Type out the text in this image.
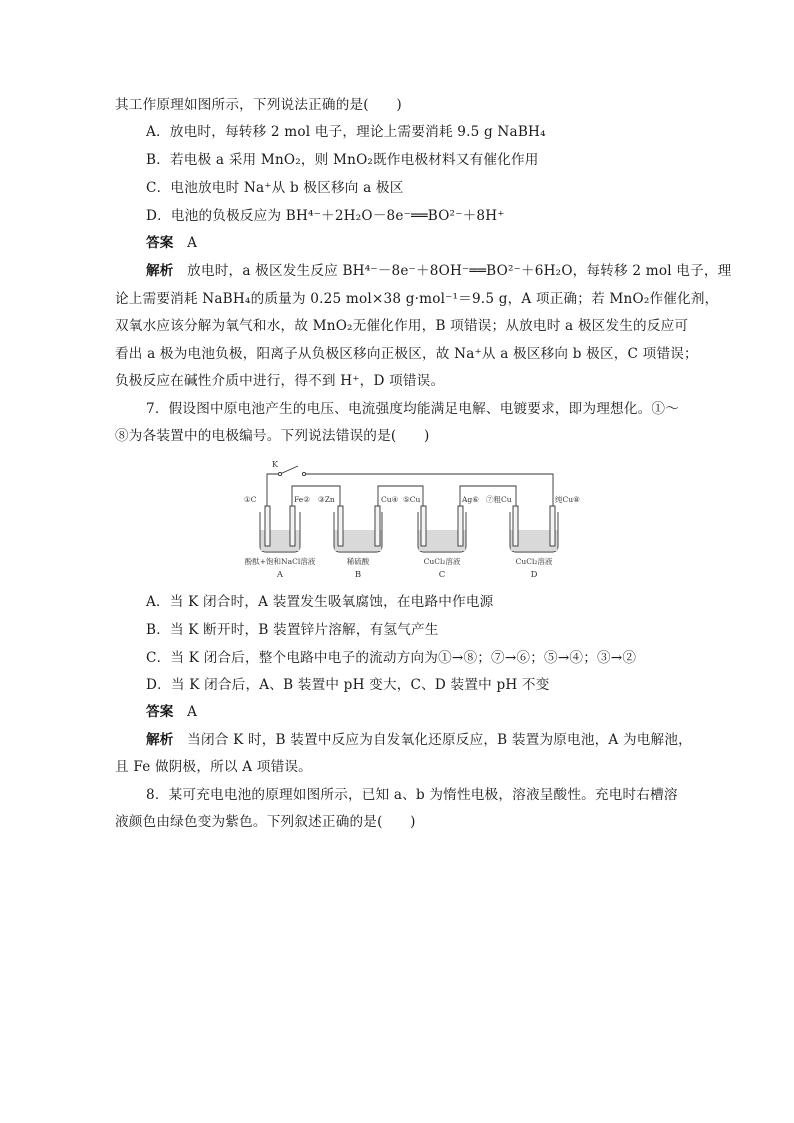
其工作原理如图所示，下列说法正确的是(　　)
A．放电时，每转移 2 mol 电子，理论上需要消耗 9.5 g NaBH₄
B．若电极 a 采用 MnO₂，则 MnO₂既作电极材料又有催化作用
C．电池放电时 Na⁺从 b 极区移向 a 极区
D．电池的负极反应为 BH⁴⁻＋2H₂O－8e⁻══BO²⁻＋8H⁺
答案 A
解析 放电时，a 极区发生反应 BH⁴⁻－8e⁻＋8OH⁻══BO²⁻＋6H₂O，每转移 2 mol 电子，理
论上需要消耗 NaBH₄的质量为 0.25 mol×38 g·mol⁻¹＝9.5 g，A 项正确；若 MnO₂作催化剂，
双氧水应该分解为氧气和水，故 MnO₂无催化作用，B 项错误；从放电时 a 极区发生的反应可
看出 a 极为电池负极，阳离子从负极区移向正极区，故 Na⁺从 a 极区移向 b 极区，C 项错误；
负极反应在碱性介质中进行，得不到 H⁺，D 项错误。
7．假设图中原电池产生的电压、电流强度均能满足电解、电镀要求，即为理想化。①～
⑧为各装置中的电极编号。下列说法错误的是(　　)
K
①C	Fe② ③Zn	Cu④ ⑤Cu	Ag⑥ ⑦粗Cu	纯Cu⑧
酚酞+饱和NaCl溶液	稀硫酸	CuCl₂溶液	CuCl₂溶液
A	B	C	D
A．当 K 闭合时，A 装置发生吸氧腐蚀，在电路中作电源
B．当 K 断开时，B 装置锌片溶解，有氢气产生
C．当 K 闭合后，整个电路中电子的流动方向为①→⑧；⑦→⑥；⑤→④；③→②
D．当 K 闭合后，A、B 装置中 pH 变大，C、D 装置中 pH 不变
答案 A
解析 当闭合 K 时，B 装置中反应为自发氧化还原反应，B 装置为原电池，A 为电解池，
且 Fe 做阴极，所以 A 项错误。
8．某可充电电池的原理如图所示，已知 a、b 为惰性电极，溶液呈酸性。充电时右槽溶
液颜色由绿色变为紫色。下列叙述正确的是(　　)
